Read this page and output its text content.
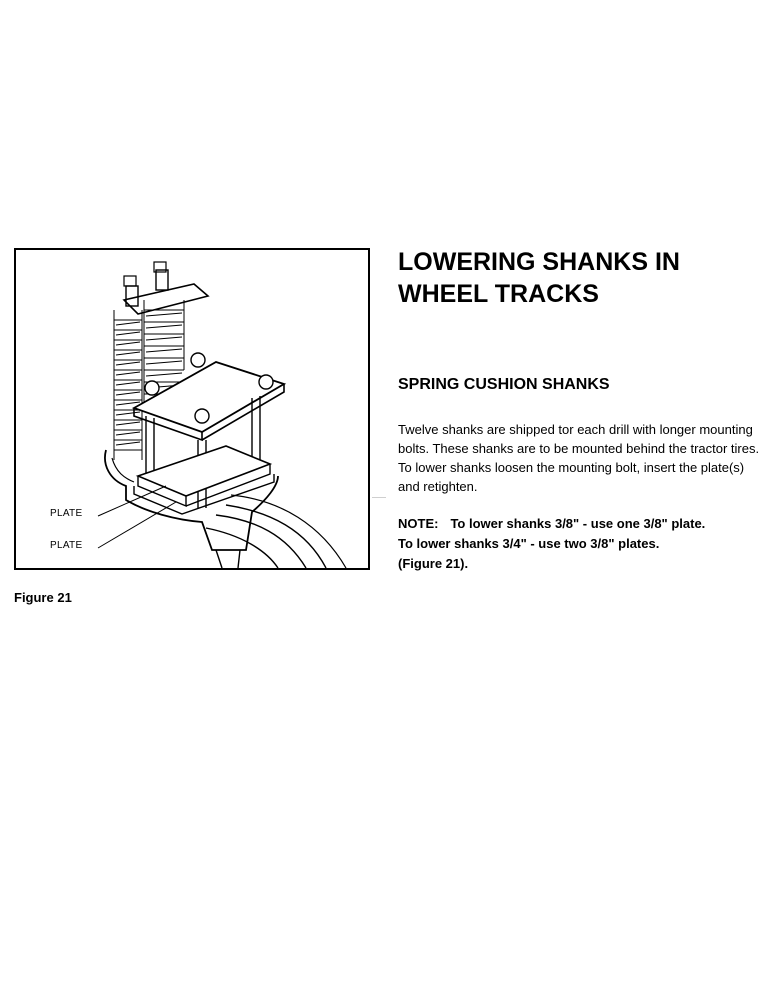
PLATE
PLATE
Figure 21
LOWERING SHANKS IN
WHEEL TRACKS
SPRING CUSHION SHANKS

Twelve shanks are shipped tor each drill with longer mounting bolts. These shanks are to be mounted behind the tractor tires. To lower shanks loosen the mounting bolt, insert the plate(s) and retighten.

NOTE: To lower shanks 3/8" - use one 3/8" plate.
To lower shanks 3/4" - use two 3/8" plates.
(Figure 21).
